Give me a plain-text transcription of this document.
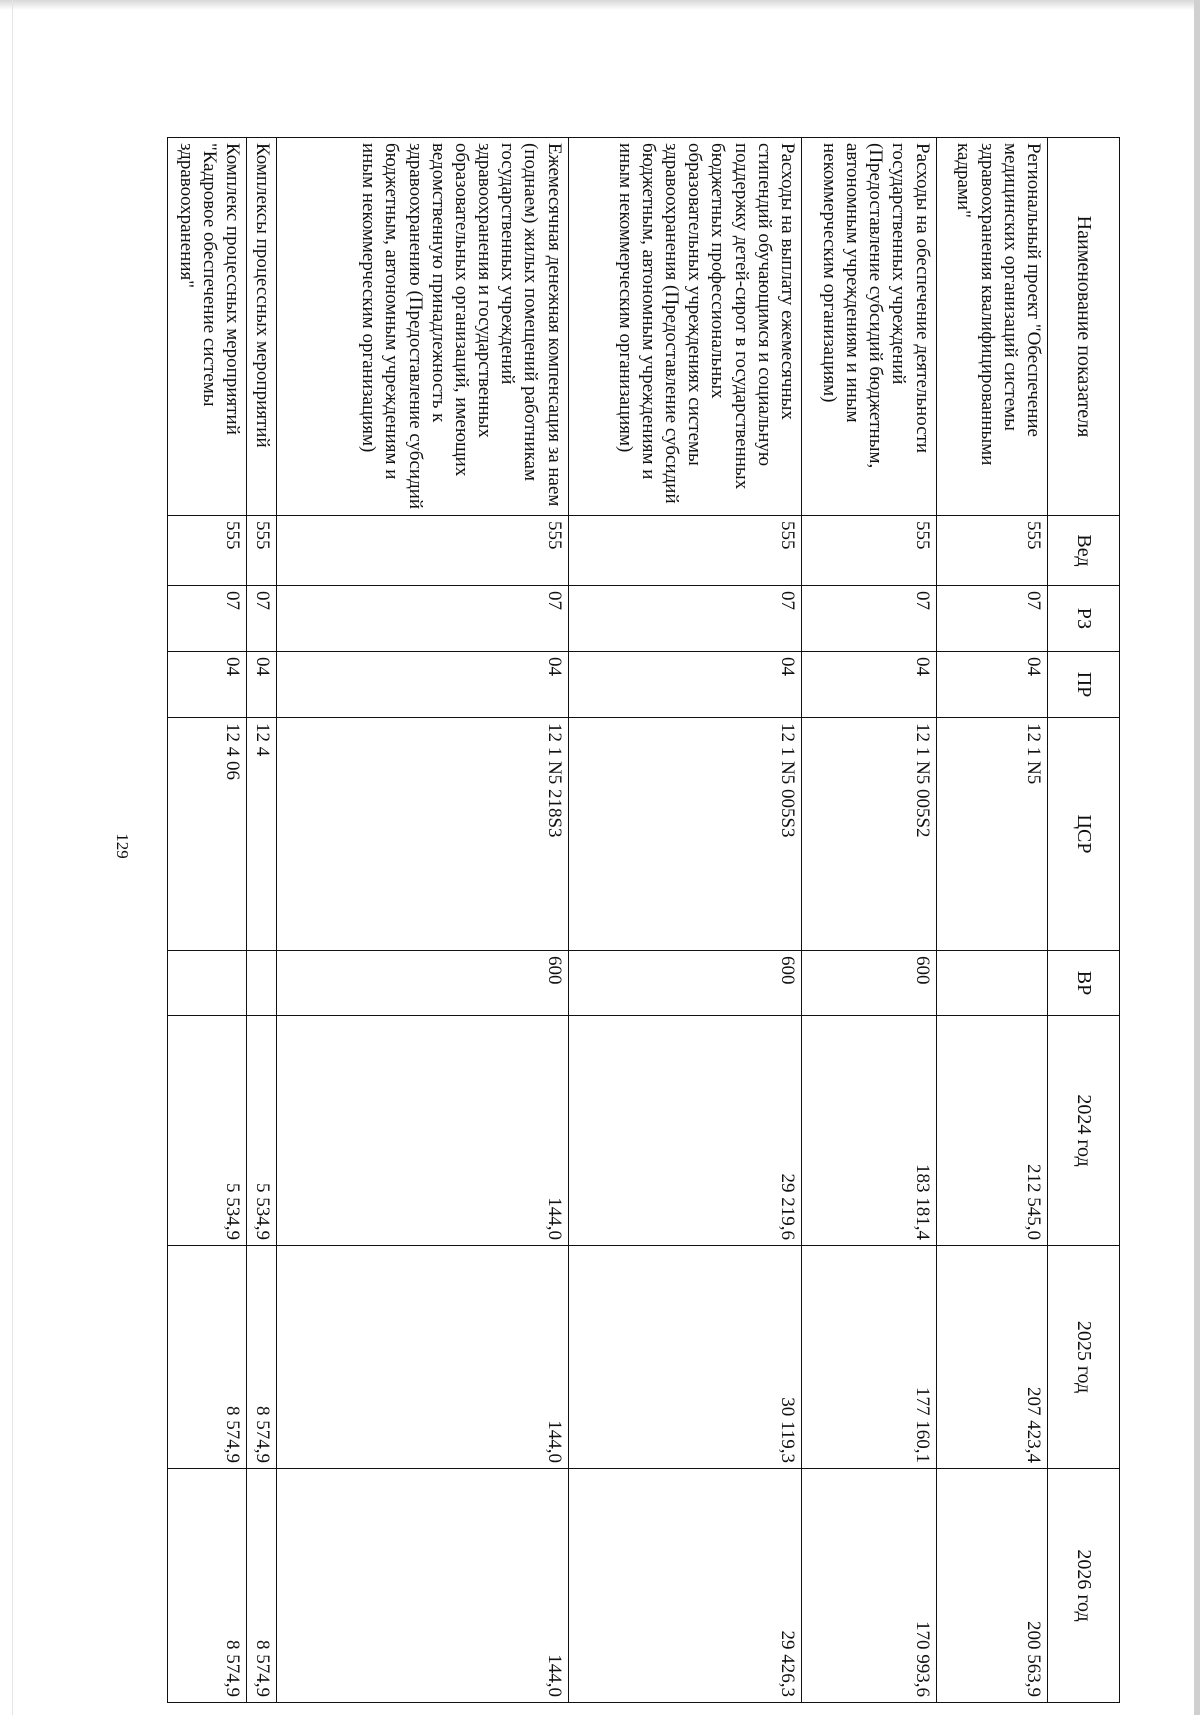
129
Наименование показателя	Вед	РЗ	ПР	ЦСР	ВР	2024 год	2025 год	2026 год
Региональный проект "Обеспечение медицинских организаций системы здравоохранения квалифицированными кадрами"	555	07	04	12 1 N5		212 545,0	207 423,4	200 563,9
Расходы на обеспечение деятельности государственных учреждений (Предоставление субсидий бюджетным, автономным учреждениям и иным некоммерческим организациям)	555	07	04	12 1 N5 005S2	600	183 181,4	177 160,1	170 993,6
Расходы на выплату ежемесячных стипендий обучающимся и социальную поддержку детей-сирот в государственных бюджетных профессиональных образовательных учреждениях системы здравоохранения (Предоставление субсидий бюджетным, автономным учреждениям и иным некоммерческим организациям)	555	07	04	12 1 N5 005S3	600	29 219,6	30 119,3	29 426,3
Ежемесячная денежная компенсация за наем (поднаем) жилых помещений работникам государственных учреждений здравоохранения и государственных образовательных организаций, имеющих ведомственную принадлежность к здравоохранению (Предоставление субсидий бюджетным, автономным учреждениям и иным некоммерческим организациям)	555	07	04	12 1 N5 218S3	600	144,0	144,0	144,0
Комплексы процессных мероприятий	555	07	04	12 4		5 534,9	8 574,9	8 574,9
Комплекс процессных мероприятий "Кадровое обеспечение системы здравоохранения"	555	07	04	12 4 06		5 534,9	8 574,9	8 574,9
